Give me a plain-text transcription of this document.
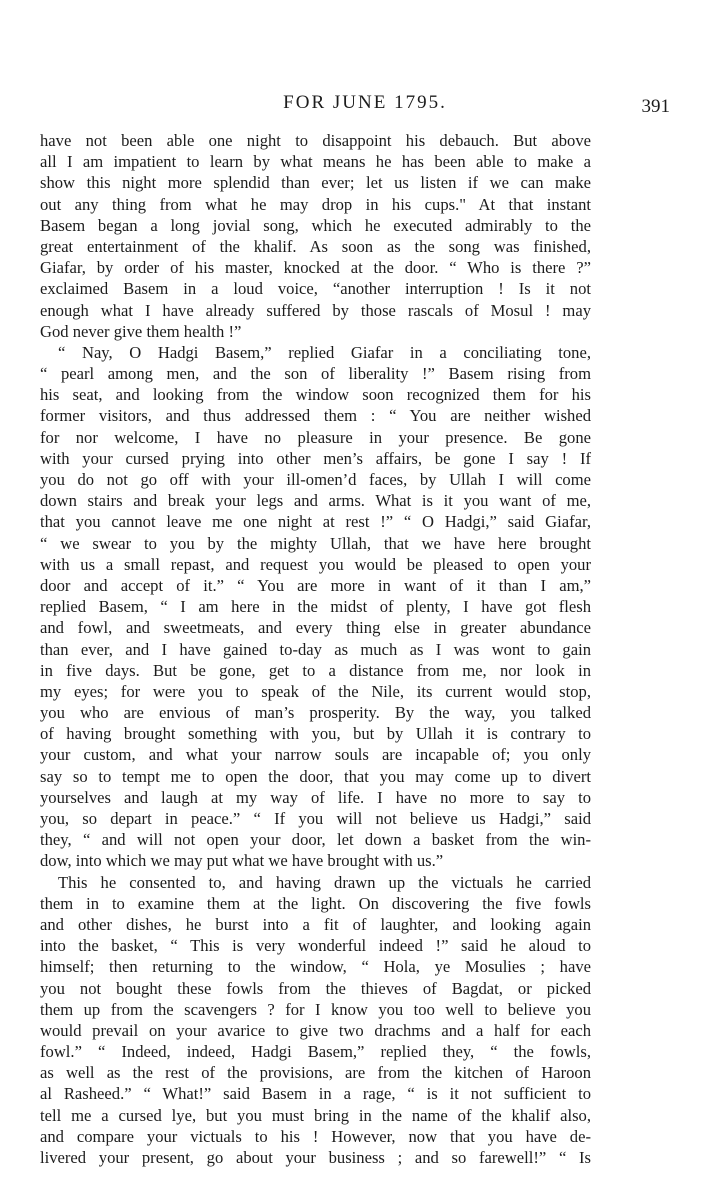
FOR JUNE 1795.	391
have not been able one night to disappoint his debauch. But above
all I am impatient to learn by what means he has been able to make a
show this night more splendid than ever; let us listen if we can make
out any thing from what he may drop in his cups." At that instant
Basem began a long jovial song, which he executed admirably to the
great entertainment of the khalif. As soon as the song was finished,
Giafar, by order of his master, knocked at the door. “ Who is there ?”
exclaimed Basem in a loud voice, “another interruption ! Is it not
enough what I have already suffered by those rascals of Mosul ! may
God never give them health !”
“ Nay, O Hadgi Basem,” replied Giafar in a conciliating tone,
“ pearl among men, and the son of liberality !” Basem rising from
his seat, and looking from the window soon recognized them for his
former visitors, and thus addressed them : “ You are neither wished
for nor welcome, I have no pleasure in your presence. Be gone
with your cursed prying into other men’s affairs, be gone I say ! If
you do not go off with your ill-omen’d faces, by Ullah I will come
down stairs and break your legs and arms. What is it you want of me,
that you cannot leave me one night at rest !” “ O Hadgi,” said Giafar,
“ we swear to you by the mighty Ullah, that we have here brought
with us a small repast, and request you would be pleased to open your
door and accept of it.” “ You are more in want of it than I am,”
replied Basem, “ I am here in the midst of plenty, I have got flesh
and fowl, and sweetmeats, and every thing else in greater abundance
than ever, and I have gained to-day as much as I was wont to gain
in five days. But be gone, get to a distance from me, nor look in
my eyes; for were you to speak of the Nile, its current would stop,
you who are envious of man’s prosperity. By the way, you talked
of having brought something with you, but by Ullah it is contrary to
your custom, and what your narrow souls are incapable of; you only
say so to tempt me to open the door, that you may come up to divert
yourselves and laugh at my way of life. I have no more to say to
you, so depart in peace.” “ If you will not believe us Hadgi,” said
they, “ and will not open your door, let down a basket from the win-
dow, into which we may put what we have brought with us.”
This he consented to, and having drawn up the victuals he carried
them in to examine them at the light. On discovering the five fowls
and other dishes, he burst into a fit of laughter, and looking again
into the basket, “ This is very wonderful indeed !” said he aloud to
himself; then returning to the window, “ Hola, ye Mosulies ; have
you not bought these fowls from the thieves of Bagdat, or picked
them up from the scavengers ? for I know you too well to believe you
would prevail on your avarice to give two drachms and a half for each
fowl.” “ Indeed, indeed, Hadgi Basem,” replied they, “ the fowls,
as well as the rest of the provisions, are from the kitchen of Haroon
al Rasheed.” “ What!” said Basem in a rage, “ is it not sufficient to
tell me a cursed lye, but you must bring in the name of the khalif also,
and compare your victuals to his ! However, now that you have de-
livered your present, go about your business ; and so farewell!” “ Is
